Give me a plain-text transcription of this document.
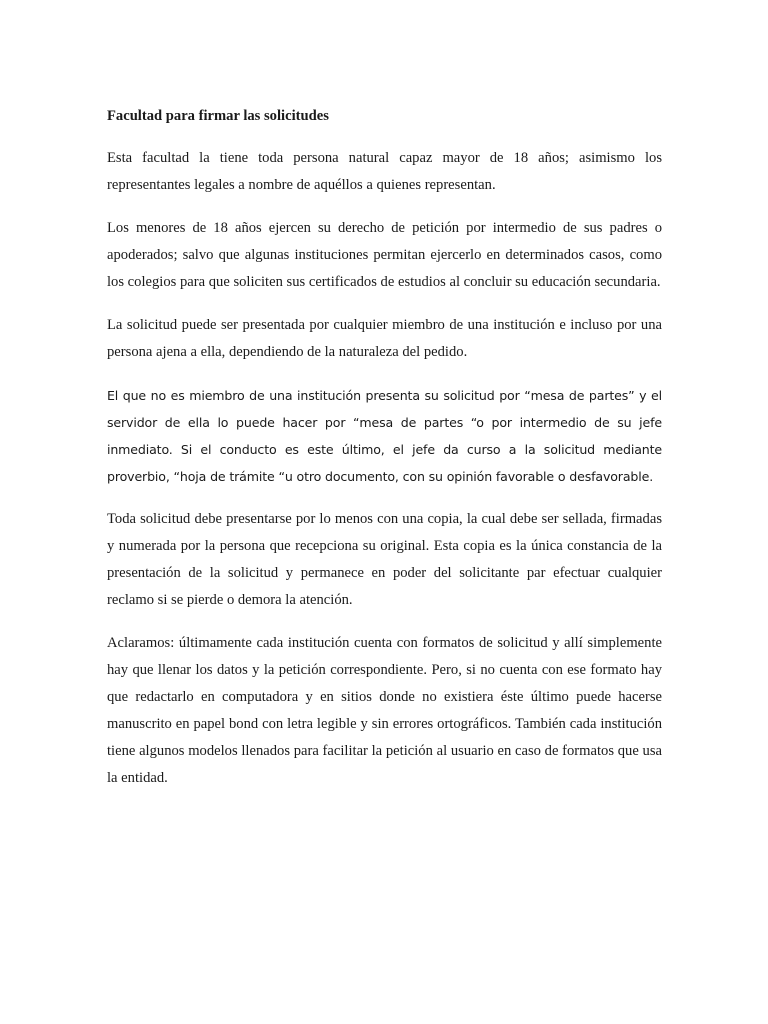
Facultad para firmar las solicitudes

Esta facultad la tiene toda persona natural capaz mayor de 18 años; asimismo los representantes legales a nombre de aquéllos a quienes representan.

Los menores de 18 años ejercen su derecho de petición por intermedio de sus padres o apoderados; salvo que algunas instituciones permitan ejercerlo en determinados casos, como los colegios para que soliciten sus certificados de estudios al concluir su educación secundaria.

La solicitud puede ser presentada por cualquier miembro de una institución e incluso por una persona ajena a ella, dependiendo de la naturaleza del pedido.

El que no es miembro de una institución presenta su solicitud por “mesa de partes” y el servidor de ella lo puede hacer por “mesa de partes “o por intermedio de su jefe inmediato. Si el conducto es este último, el jefe da curso a la solicitud mediante proverbio, “hoja de trámite “u otro documento, con su opinión favorable o desfavorable.

Toda solicitud debe presentarse por lo menos con una copia, la cual debe ser sellada, firmadas y numerada por la persona que recepciona su original. Esta copia es la única constancia de la presentación de la solicitud y permanece en poder del solicitante par efectuar cualquier reclamo si se pierde o demora la atención.

Aclaramos: últimamente cada institución cuenta con formatos de solicitud y allí simplemente hay que llenar los datos y la petición correspondiente. Pero, si no cuenta con ese formato hay que redactarlo en computadora y en sitios donde no existiera éste último puede hacerse manuscrito en papel bond con letra legible y sin errores ortográficos. También cada institución tiene algunos modelos llenados para facilitar la petición al usuario en caso de formatos que usa la entidad.
